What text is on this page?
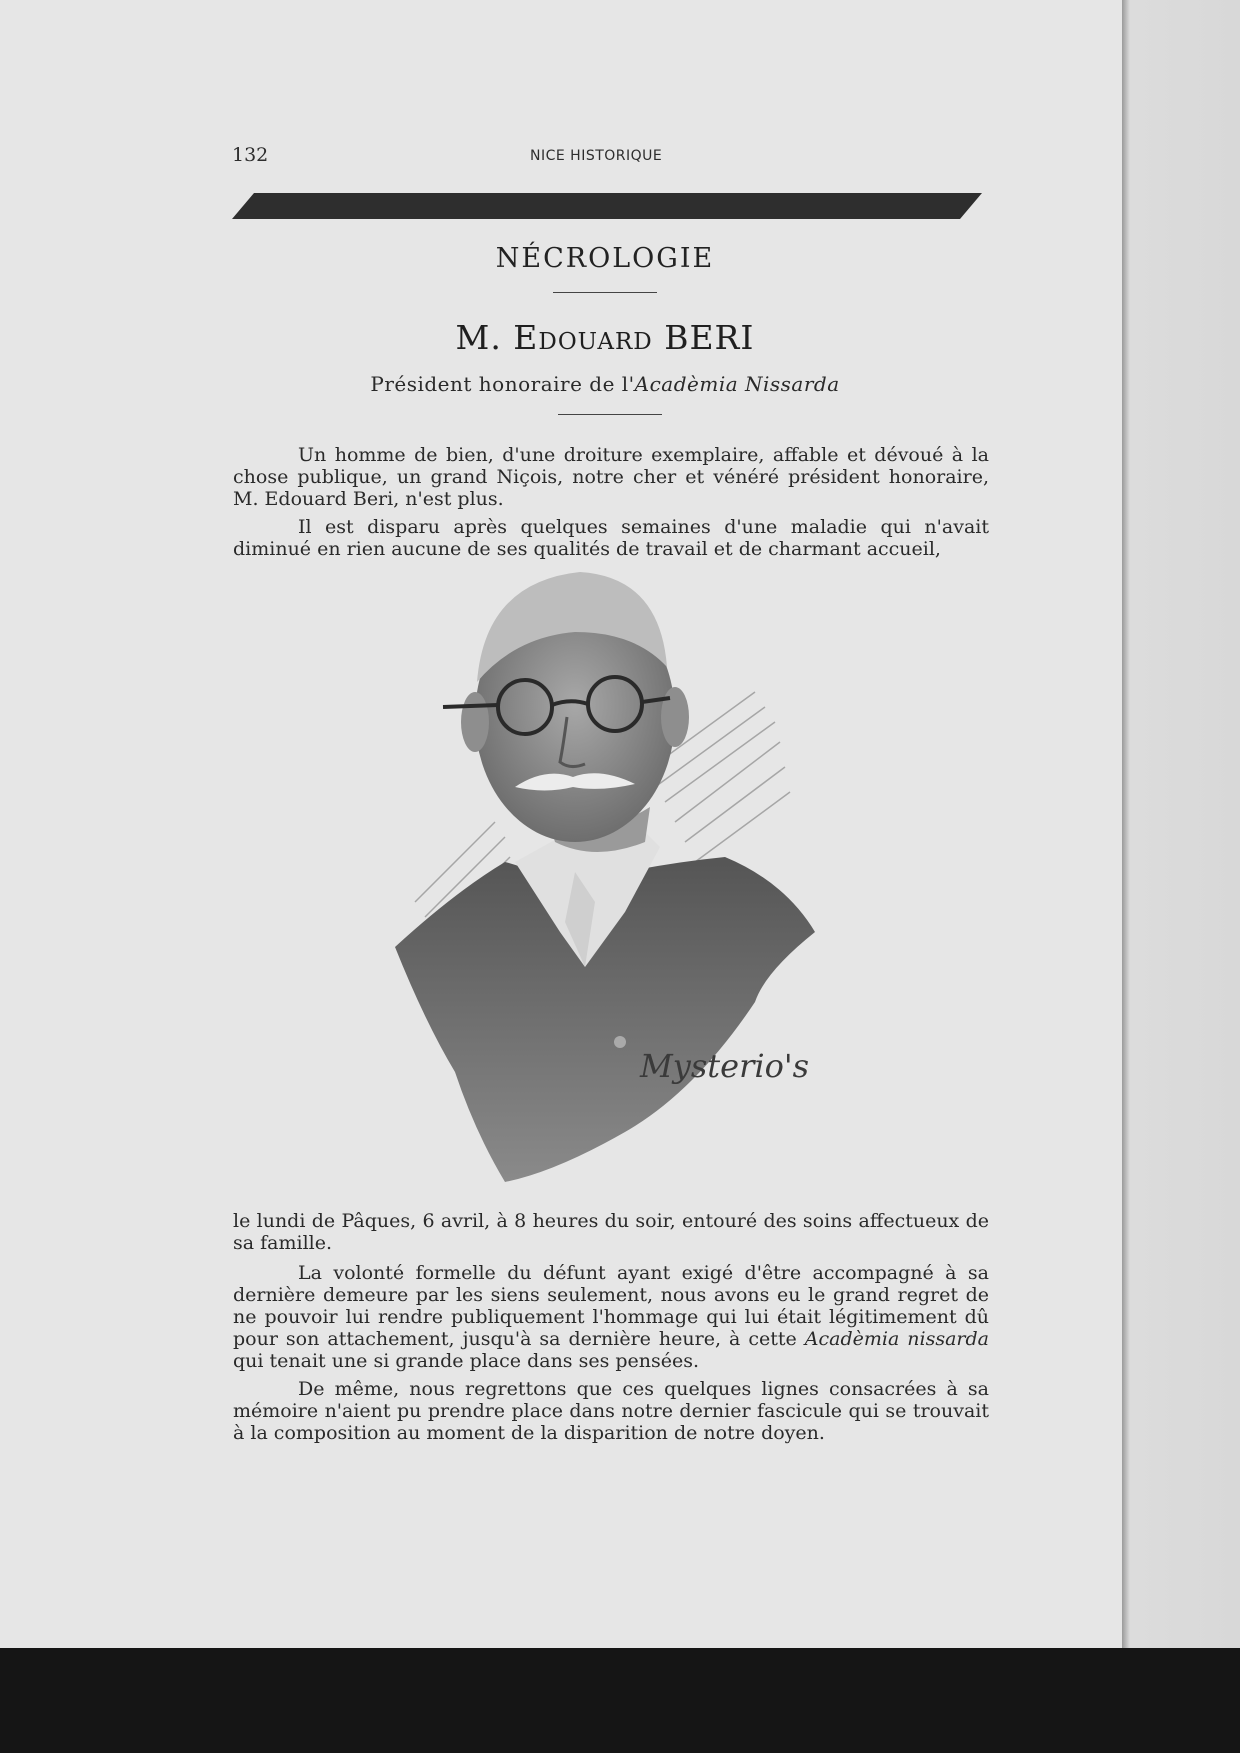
132	NICE HISTORIQUE
NÉCROLOGIE
M. Edouard BERI
Président honoraire de l'Acadèmia Nissarda

Un homme de bien, d'une droiture exemplaire, affable et dévoué à la chose publique, un grand Niçois, notre cher et vénéré président honoraire, M. Edouard Beri, n'est plus.

Il est disparu après quelques semaines d'une maladie qui n'avait diminué en rien aucune de ses qualités de travail et de charmant accueil,

Mysterio's

le lundi de Pâques, 6 avril, à 8 heures du soir, entouré des soins affectueux de sa famille.

La volonté formelle du défunt ayant exigé d'être accompagné à sa dernière demeure par les siens seulement, nous avons eu le grand regret de ne pouvoir lui rendre publiquement l'hommage qui lui était légitimement dû pour son attachement, jusqu'à sa dernière heure, à cette Acadèmia nissarda qui tenait une si grande place dans ses pensées.

De même, nous regrettons que ces quelques lignes consacrées à sa mémoire n'aient pu prendre place dans notre dernier fascicule qui se trouvait à la composition au moment de la disparition de notre doyen.
